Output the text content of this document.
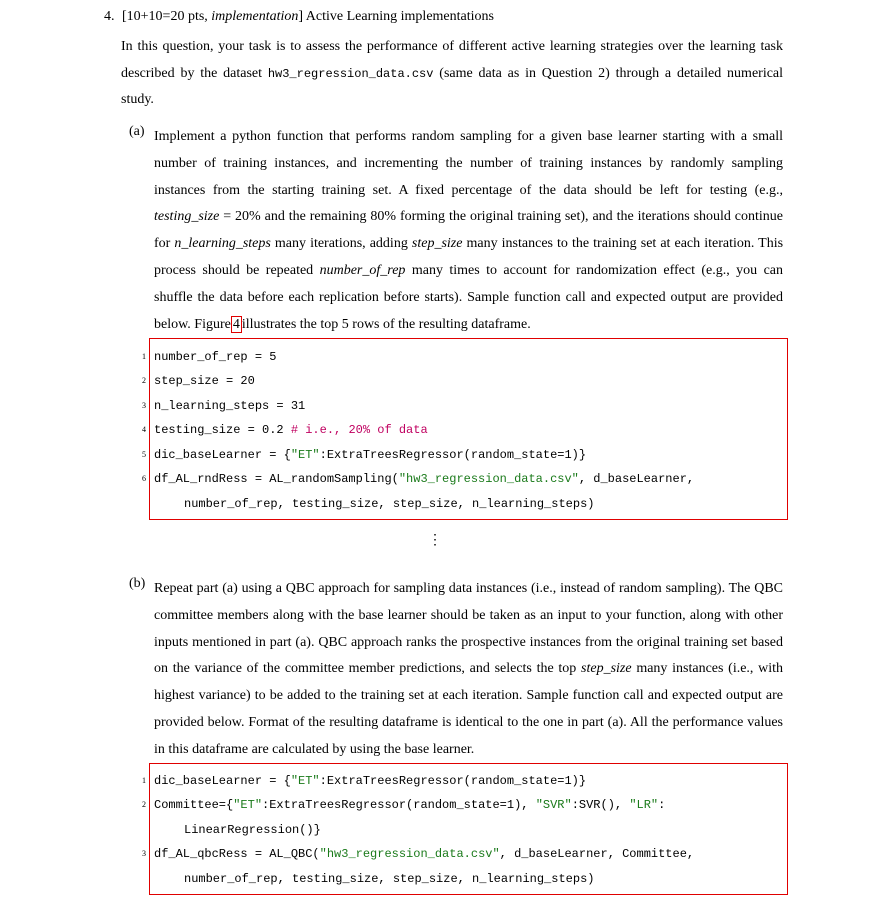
4. [10+10=20 pts, implementation] Active Learning implementations
In this question, your task is to assess the performance of different active learning strategies over the learning task described by the dataset hw3_regression_data.csv (same data as in Question 2) through a detailed numerical study.
(a) Implement a python function that performs random sampling for a given base learner starting with a small number of training instances, and incrementing the number of training instances by randomly sampling instances from the starting training set. A fixed percentage of the data should be left for testing (e.g., testing_size = 20% and the remaining 80% forming the original training set), and the iterations should continue for n_learning_steps many iterations, adding step_size many instances to the training set at each iteration. This process should be repeated number_of_rep many times to account for randomization effect (e.g., you can shuffle the data before each replication before starts). Sample function call and expected output are provided below. Figure 4 illustrates the top 5 rows of the resulting dataframe.
1 number_of_rep = 5
2 step_size = 20
3 n_learning_steps = 31
4 testing_size = 0.2 # i.e., 20% of data
5 dic_baseLearner = {"ET":ExtraTreesRegressor(random_state=1)}
6 df_AL_rndRess = AL_randomSampling("hw3_regression_data.csv", d_baseLearner,
number_of_rep, testing_size, step_size, n_learning_steps)
⋮
(b) Repeat part (a) using a QBC approach for sampling data instances (i.e., instead of random sampling). The QBC committee members along with the base learner should be taken as an input to your function, along with other inputs mentioned in part (a). QBC approach ranks the prospective instances from the original training set based on the variance of the committee member predictions, and selects the top step_size many instances (i.e., with highest variance) to be added to the training set at each iteration. Sample function call and expected output are provided below. Format of the resulting dataframe is identical to the one in part (a). All the performance values in this dataframe are calculated by using the base learner.
1 dic_baseLearner = {"ET":ExtraTreesRegressor(random_state=1)}
2 Committee={"ET":ExtraTreesRegressor(random_state=1), "SVR":SVR(), "LR":
LinearRegression()}
3 df_AL_qbcRess = AL_QBC("hw3_regression_data.csv", d_baseLearner, Committee,
number_of_rep, testing_size, step_size, n_learning_steps)
